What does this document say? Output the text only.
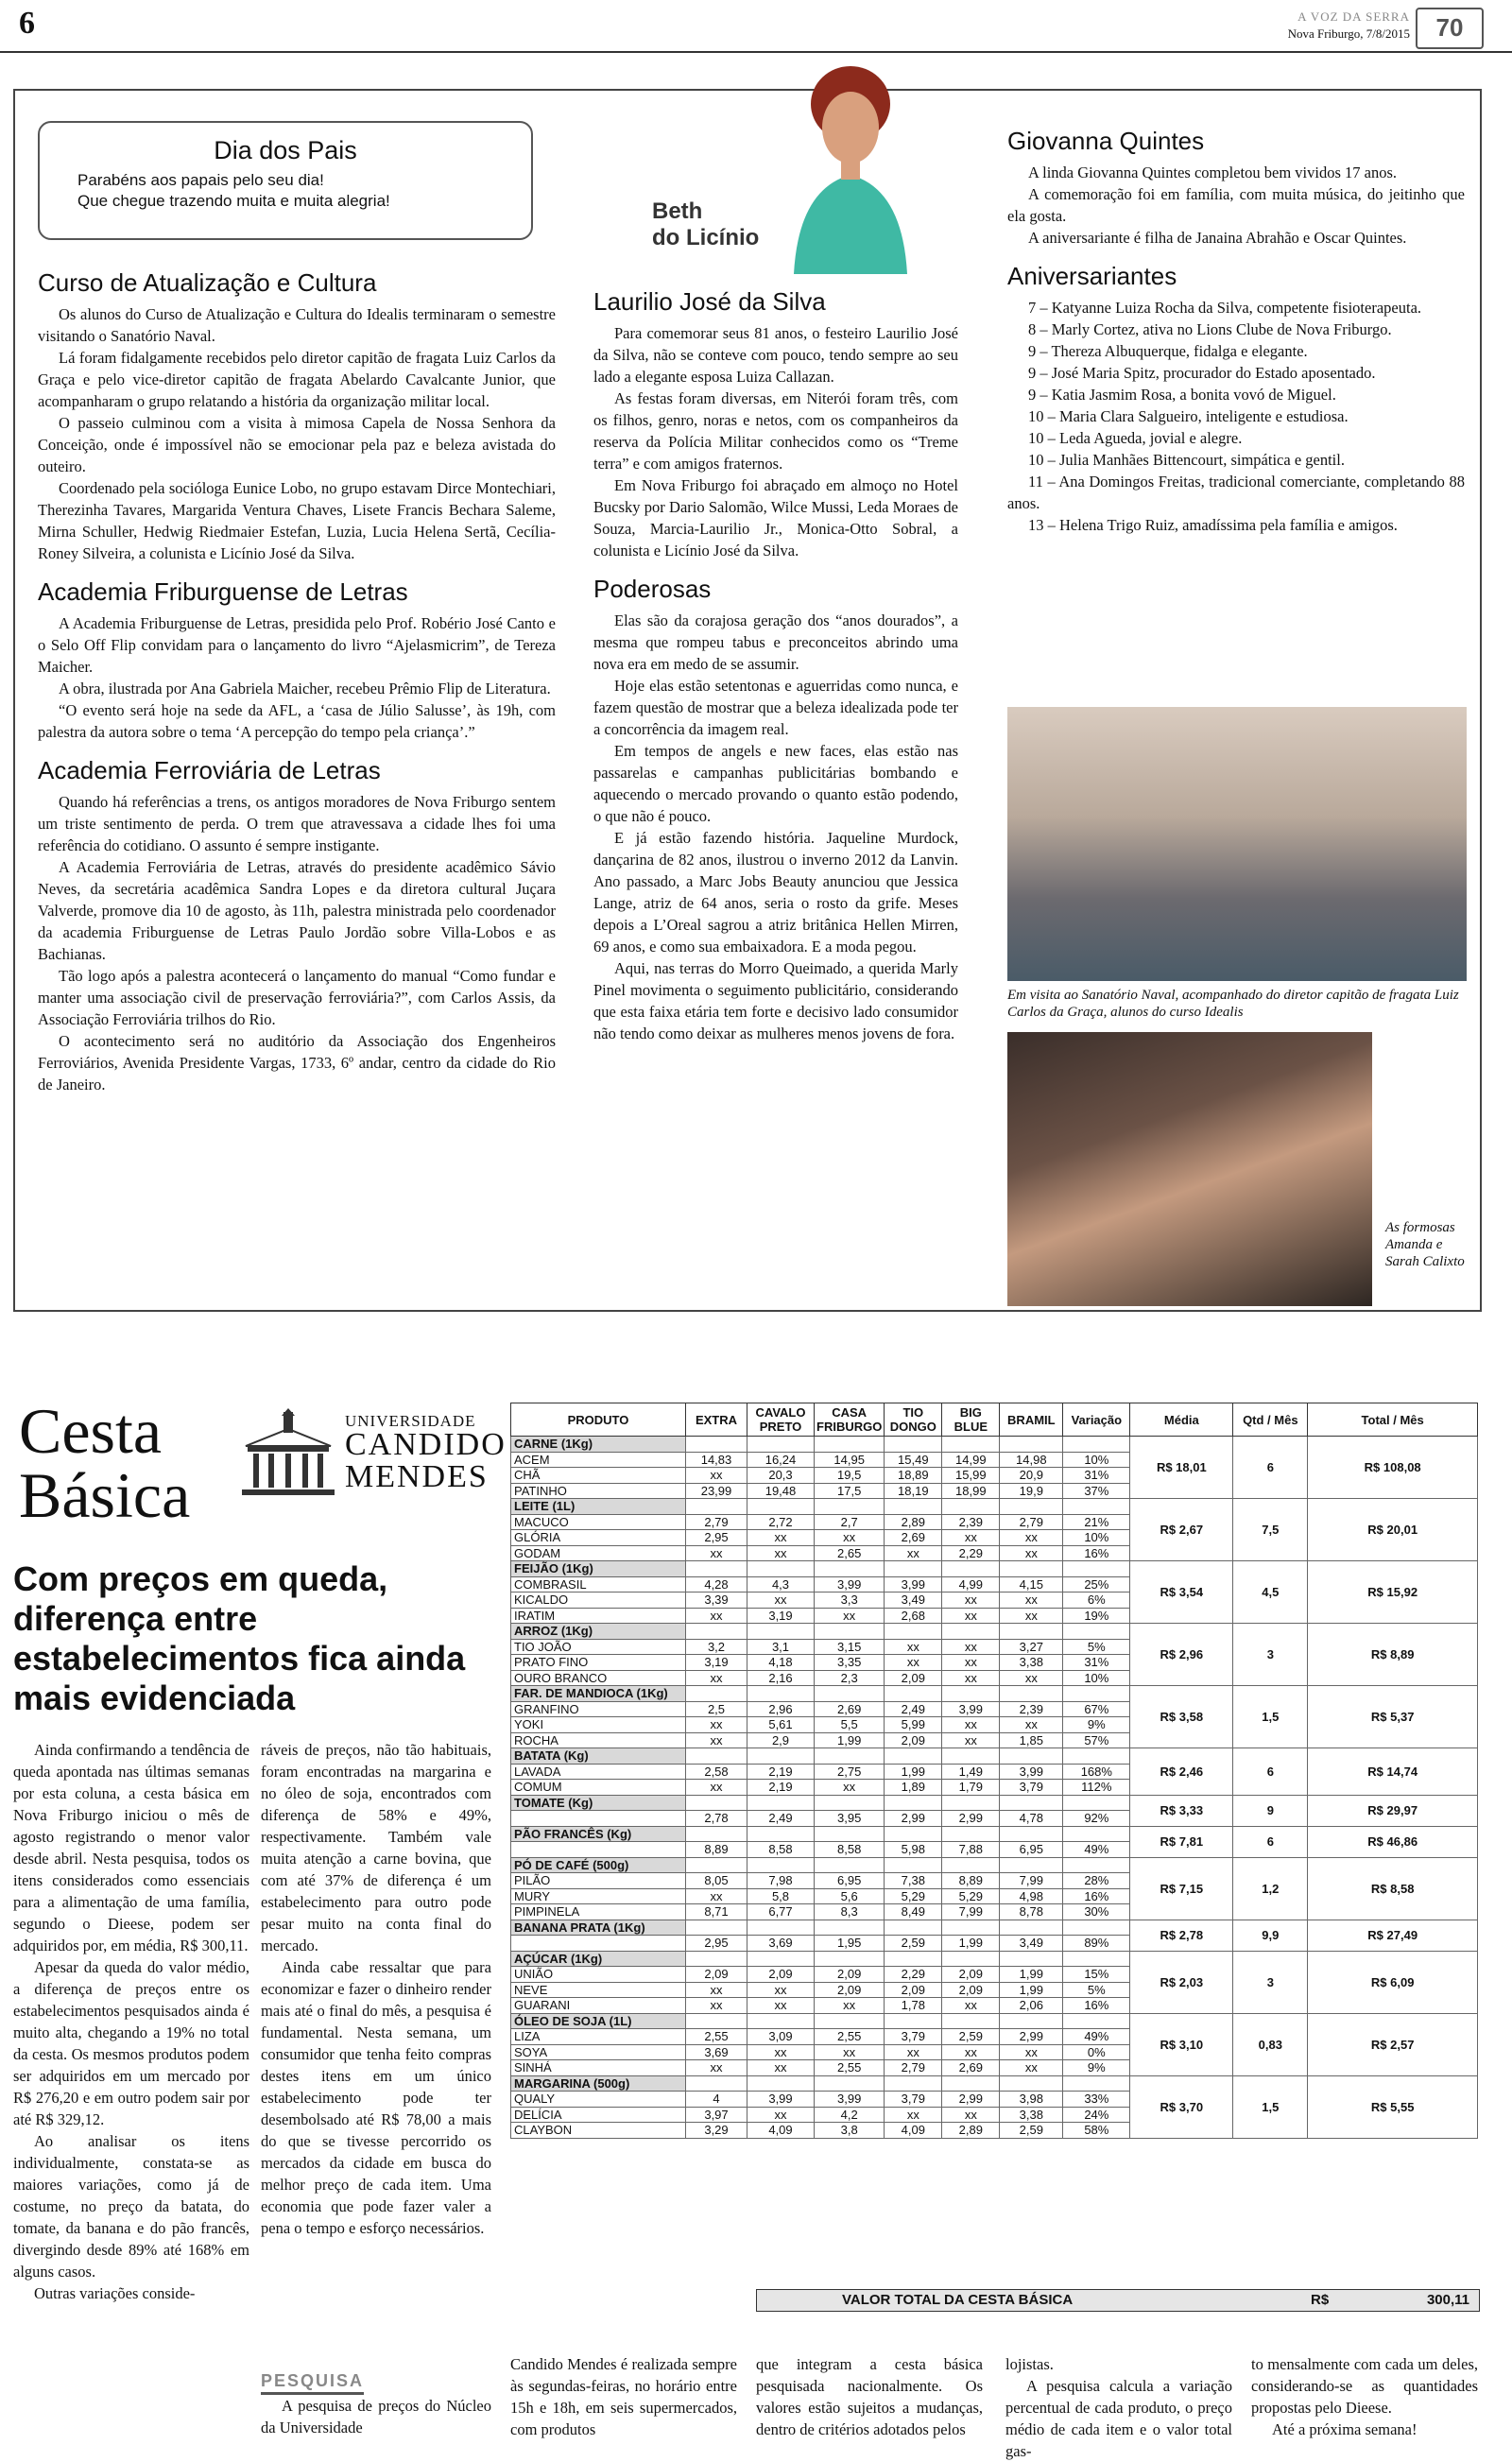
6	A VOZ DA SERRA
Nova Friburgo, 7/8/2015	70
Dia dos Pais

Parabéns aos papais pelo seu dia!

Que chegue trazendo muita e muita alegria!	Beth
do Licínio
Curso de Atualização e Cultura

Os alunos do Curso de Atualização e Cultura do Idealis terminaram o semestre visitando o Sanatório Naval.

Lá foram fidalgamente recebidos pelo diretor capitão de fragata Luiz Carlos da Graça e pelo vice-diretor capitão de fragata Abelardo Cavalcante Junior, que acompanharam o grupo relatando a história da organização militar local.

O passeio culminou com a visita à mimosa Capela de Nossa Senhora da Conceição, onde é impossível não se emocionar pela paz e beleza avistada do outeiro.

Coordenado pela socióloga Eunice Lobo, no grupo estavam Dirce Montechiari, Therezinha Tavares, Margarida Ventura Chaves, Lisete Francis Bechara Saleme, Mirna Schuller, Hedwig Riedmaier Estefan, Luzia, Lucia Helena Sertã, Cecília-Roney Silveira, a colunista e Licínio José da Silva.

Academia Friburguense de Letras

A Academia Friburguense de Letras, presidida pelo Prof. Robério José Canto e o Selo Off Flip convidam para o lançamento do livro “Ajelasmicrim”, de Tereza Maicher.

A obra, ilustrada por Ana Gabriela Maicher, recebeu Prêmio Flip de Literatura.

“O evento será hoje na sede da AFL, a ‘casa de Júlio Salusse’, às 19h, com palestra da autora sobre o tema ‘A percepção do tempo pela criança’.”

Academia Ferroviária de Letras

Quando há referências a trens, os antigos moradores de Nova Friburgo sentem um triste sentimento de perda. O trem que atravessava a cidade lhes foi uma referência do cotidiano. O assunto é sempre instigante.

A Academia Ferroviária de Letras, através do presidente acadêmico Sávio Neves, da secretária acadêmica Sandra Lopes e da diretora cultural Juçara Valverde, promove dia 10 de agosto, às 11h, palestra ministrada pelo coordenador da academia Friburguense de Letras Paulo Jordão sobre Villa-Lobos e as Bachianas.

Tão logo após a palestra acontecerá o lançamento do manual “Como fundar e manter uma associação civil de preservação ferroviária?”, com Carlos Assis, da Associação Ferroviária trilhos do Rio.

O acontecimento será no auditório da Associação dos Engenheiros Ferroviários, Avenida Presidente Vargas, 1733, 6º andar, centro da cidade do Rio de Janeiro.

Laurilio José da Silva

Para comemorar seus 81 anos, o festeiro Laurilio José da Silva, não se conteve com pouco, tendo sempre ao seu lado a elegante esposa Luiza Callazan.

As festas foram diversas, em Niterói foram três, com os filhos, genro, noras e netos, com os companheiros da reserva da Polícia Militar conhecidos como os “Treme terra” e com amigos fraternos.

Em Nova Friburgo foi abraçado em almoço no Hotel Bucsky por Dario Salomão, Wilce Mussi, Leda Moraes de Souza, Marcia-Laurilio Jr., Monica-Otto Sobral, a colunista e Licínio José da Silva.

Poderosas

Elas são da corajosa geração dos “anos dourados”, a mesma que rompeu tabus e preconceitos abrindo uma nova era em medo de se assumir.

Hoje elas estão setentonas e aguerridas como nunca, e fazem questão de mostrar que a beleza idealizada pode ter a concorrência da imagem real.

Em tempos de angels e new faces, elas estão nas passarelas e campanhas publicitárias bombando e aquecendo o mercado provando o quanto estão podendo, o que não é pouco.

E já estão fazendo história. Jaqueline Murdock, dançarina de 82 anos, ilustrou o inverno 2012 da Lanvin. Ano passado, a Marc Jobs Beauty anunciou que Jessica Lange, atriz de 64 anos, seria o rosto da grife. Meses depois a L’Oreal sagrou a atriz britânica Hellen Mirren, 69 anos, e como sua embaixadora. E a moda pegou.

Aqui, nas terras do Morro Queimado, a querida Marly Pinel movimenta o seguimento publicitário, considerando que esta faixa etária tem forte e decisivo lado consumidor não tendo como deixar as mulheres menos jovens de fora.

Giovanna Quintes

A linda Giovanna Quintes completou bem vividos 17 anos.

A comemoração foi em família, com muita música, do jeitinho que ela gosta.

A aniversariante é filha de Janaina Abrahão e Oscar Quintes.

Aniversariantes

7 – Katyanne Luiza Rocha da Silva, competente fisioterapeuta.

8 – Marly Cortez, ativa no Lions Clube de Nova Friburgo.

9 – Thereza Albuquerque, fidalga e elegante.

9 – José Maria Spitz, procurador do Estado aposentado.

9 – Katia Jasmim Rosa, a bonita vovó de Miguel.

10 – Maria Clara Salgueiro, inteligente e estudiosa.

10 – Leda Agueda, jovial e alegre.

10 – Julia Manhães Bittencourt, simpática e gentil.

11 – Ana Domingos Freitas, tradicional comerciante, completando 88 anos.

13 – Helena Trigo Ruiz, amadíssima pela família e amigos.

Em visita ao Sanatório Naval, acompanhado do diretor capitão de fragata Luiz Carlos da Graça, alunos do curso Idealis
As formosas Amanda e Sarah Calixto
Cesta
Básica
UNIVERSIDADE
CANDIDO
MENDES
Com preços em queda, diferença entre estabelecimentos fica ainda mais evidenciada

Ainda confirmando a tendência de queda apontada nas últimas semanas por esta coluna, a cesta básica em Nova Friburgo iniciou o mês de agosto registrando o menor valor desde abril. Nesta pesquisa, todos os itens considerados como essenciais para a alimentação de uma família, segundo o Dieese, podem ser adquiridos por, em média, R$ 300,11.

Apesar da queda do valor médio, a diferença de preços entre os estabelecimentos pesquisados ainda é muito alta, chegando a 19% no total da cesta. Os mesmos produtos podem ser adquiridos em um mercado por R$ 276,20 e em outro podem sair por até R$ 329,12.

Ao analisar os itens individualmente, constata-se as maiores variações, como já de costume, no preço da batata, do tomate, da banana e do pão francês, divergindo desde 89% até 168% em alguns casos.

Outras variações conside-

ráveis de preços, não tão habituais, foram encontradas na margarina e no óleo de soja, encontrados com diferença de 58% e 49%, respectivamente. Também vale muita atenção a carne bovina, que com até 37% de diferença é um estabelecimento para outro pode pesar muito na conta final do mercado.

Ainda cabe ressaltar que para economizar e fazer o dinheiro render mais até o final do mês, a pesquisa é fundamental. Nesta semana, um consumidor que tenha feito compras destes itens em um único estabelecimento pode ter desembolsado até R$ 78,00 a mais do que se tivesse percorrido os mercados da cidade em busca do melhor preço de cada item. Uma economia que pode fazer valer a pena o tempo e esforço necessários.

PESQUISA

A pesquisa de preços do Núcleo da Universidade

Candido Mendes é realizada sempre às segundas-feiras, no horário entre 15h e 18h, em seis supermercados, com produtos

que integram a cesta básica pesquisada nacionalmente. Os valores estão sujeitos a mudanças, dentro de critérios adotados pelos

lojistas.

A pesquisa calcula a variação percentual de cada produto, o preço médio de cada item e o valor total gas-

to mensalmente com cada um deles, considerando-se as quantidades propostas pelo Dieese.

Até a próxima semana!

PRODUTO	EXTRA	CAVALO PRETO	CASA FRIBURGO	TIO DONGO	BIG BLUE	BRAMIL	Variação	Média	Qtd / Mês	Total / Mês
CARNE (1Kg)								R$ 18,01	6	R$ 108,08
ACEM	14,83	16,24	14,95	15,49	14,99	14,98	10%			
CHÃ	xx	20,3	19,5	18,89	15,99	20,9	31%			
PATINHO	23,99	19,48	17,5	18,19	18,99	19,9	37%			
LEITE (1L)								R$ 2,67	7,5	R$ 20,01
MACUCO	2,79	2,72	2,7	2,89	2,39	2,79	21%			
GLÓRIA	2,95	xx	xx	2,69	xx	xx	10%			
GODAM	xx	xx	2,65	xx	2,29	xx	16%			
FEIJÃO (1Kg)								R$ 3,54	4,5	R$ 15,92
COMBRASIL	4,28	4,3	3,99	3,99	4,99	4,15	25%			
KICALDO	3,39	xx	3,3	3,49	xx	xx	6%			
IRATIM	xx	3,19	xx	2,68	xx	xx	19%			
ARROZ (1Kg)								R$ 2,96	3	R$ 8,89
TIO JOÃO	3,2	3,1	3,15	xx	xx	3,27	5%			
PRATO FINO	3,19	4,18	3,35	xx	xx	3,38	31%			
OURO BRANCO	xx	2,16	2,3	2,09	xx	xx	10%			
FAR. DE MANDIOCA (1Kg)								R$ 3,58	1,5	R$ 5,37
GRANFINO	2,5	2,96	2,69	2,49	3,99	2,39	67%			
YOKI	xx	5,61	5,5	5,99	xx	xx	9%			
ROCHA	xx	2,9	1,99	2,09	xx	1,85	57%			
BATATA (Kg)								R$ 2,46	6	R$ 14,74
LAVADA	2,58	2,19	2,75	1,99	1,49	3,99	168%			
COMUM	xx	2,19	xx	1,89	1,79	3,79	112%			
TOMATE (Kg)								R$ 3,33	9	R$ 29,97
	2,78	2,49	3,95	2,99	2,99	4,78	92%			
PÃO FRANCÊS (Kg)								R$ 7,81	6	R$ 46,86
	8,89	8,58	8,58	5,98	7,88	6,95	49%			
PÓ DE CAFÉ (500g)								R$ 7,15	1,2	R$ 8,58
PILÃO	8,05	7,98	6,95	7,38	8,89	7,99	28%			
MURY	xx	5,8	5,6	5,29	5,29	4,98	16%			
PIMPINELA	8,71	6,77	8,3	8,49	7,99	8,78	30%			
BANANA PRATA (1Kg)								R$ 2,78	9,9	R$ 27,49
	2,95	3,69	1,95	2,59	1,99	3,49	89%			
AÇÚCAR (1Kg)								R$ 2,03	3	R$ 6,09
UNIÃO	2,09	2,09	2,09	2,29	2,09	1,99	15%			
NEVE	xx	xx	2,09	2,09	2,09	1,99	5%			
GUARANI	xx	xx	xx	1,78	xx	2,06	16%			
ÓLEO DE SOJA (1L)								R$ 3,10	0,83	R$ 2,57
LIZA	2,55	3,09	2,55	3,79	2,59	2,99	49%			
SOYA	3,69	xx	xx	xx	xx	xx	0%			
SINHÁ	xx	xx	2,55	2,79	2,69	xx	9%			
MARGARINA (500g)								R$ 3,70	1,5	R$ 5,55
QUALY	4	3,99	3,99	3,79	2,99	3,98	33%			
DELÍCIA	3,97	xx	4,2	xx	xx	3,38	24%			
CLAYBON	3,29	4,09	3,8	4,09	2,89	2,59	58%			
VALOR TOTAL DA CESTA BÁSICA	R$	300,11
